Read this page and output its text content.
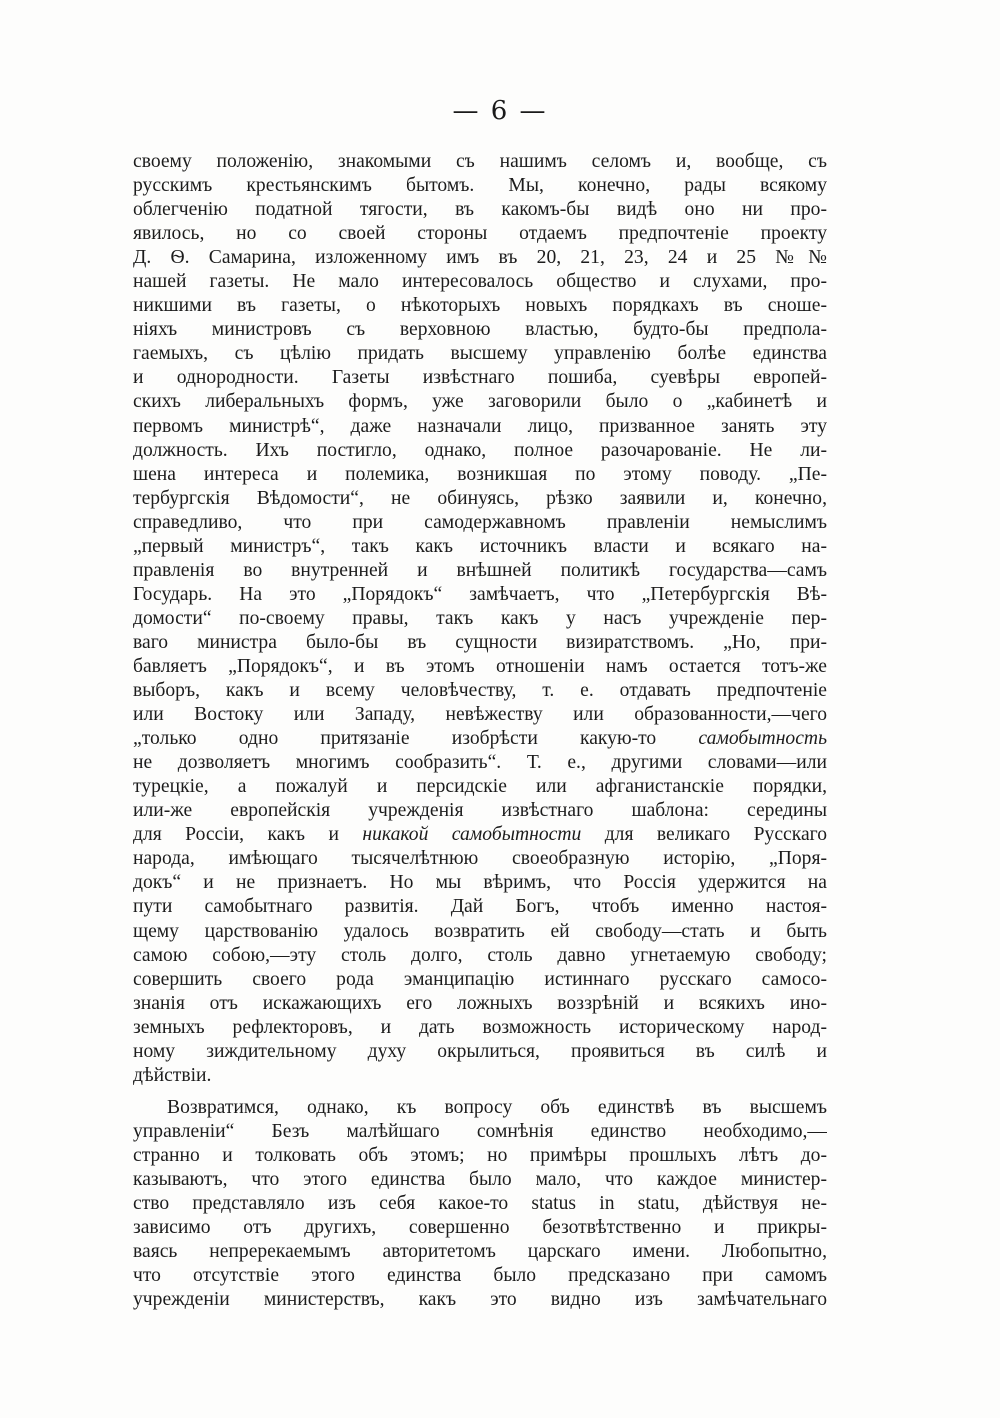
— 6 —
своему положенію, знакомыми съ нашимъ селомъ и, вообще, съ
русскимъ крестьянскимъ бытомъ. Мы, конечно, рады всякому
облегченію податной тягости, въ какомъ-бы видѣ оно ни про-
явилось, но со своей стороны отдаемъ предпочтеніе проекту
Д. Ѳ. Самарина, изложенному имъ въ 20, 21, 23, 24 и 25 №№
нашей газеты. Не мало интересовалось общество и слухами, про-
никшими въ газеты, о нѣкоторыхъ новыхъ порядкахъ въ сноше-
ніяхъ министровъ съ верховною властью, будто-бы предпола-
гаемыхъ, съ цѣлію придать высшему управленію болѣе единства
и однородности. Газеты извѣстнаго пошиба, суевѣры европей-
скихъ либеральныхъ формъ, уже заговорили было о „кабинетѣ и
первомъ министрѣ“, даже назначали лицо, призванное занять эту
должность. Ихъ постигло, однако, полное разочарованіе. Не ли-
шена интереса и полемика, возникшая по этому поводу. „Пе-
тербургскія Вѣдомости“, не обинуясь, рѣзко заявили и, конечно,
справедливо, что при самодержавномъ правленіи немыслимъ
„первый министръ“, такъ какъ источникъ власти и всякаго на-
правленія во внутренней и внѣшней политикѣ государства—самъ
Государь. На это „Порядокъ“ замѣчаетъ, что „Петербургскія Вѣ-
домости“ по-своему правы, такъ какъ у насъ учрежденіе пер-
ваго министра было-бы въ сущности визиратствомъ. „Но, при-
бавляетъ „Порядокъ“, и въ этомъ отношеніи намъ остается тотъ-же
выборъ, какъ и всему человѣчеству, т. е. отдавать предпочтеніе
или Востоку или Западу, невѣжеству или образованности,—чего
„только одно притязаніе изобрѣсти какую-то самобытность
не дозволяетъ многимъ сообразить“. Т. е., другими словами—или
турецкіе, а пожалуй и персидскіе или афганистанскіе порядки,
или-же европейскія учрежденія извѣстнаго шаблона: середины
для Россіи, какъ и никакой самобытности для великаго Русскаго
народа, имѣющаго тысячелѣтнюю своеобразную исторію, „Поря-
докъ“ и не признаетъ. Но мы вѣримъ, что Россія удержится на
пути самобытнаго развитія. Дай Богъ, чтобъ именно настоя-
щему царствованію удалось возвратить ей свободу—стать и быть
самою собою,—эту столь долго, столь давно угнетаемую свободу;
совершить своего рода эманципацію истиннаго русскаго самосо-
знанія отъ искажающихъ его ложныхъ воззрѣній и всякихъ ино-
земныхъ рефлекторовъ, и дать возможность историческому народ-
ному зиждительному духу окрылиться, проявиться въ силѣ и
дѣйствіи.
Возвратимся, однако, къ вопросу объ единствѣ въ высшемъ
управленіи“ Безъ малѣйшаго сомнѣнія единство необходимо,—
странно и толковать объ этомъ; но примѣры прошлыхъ лѣтъ до-
казываютъ, что этого единства было мало, что каждое министер-
ство представляло изъ себя какое-то status in statu, дѣйствуя не-
зависимо отъ другихъ, совершенно безотвѣтственно и прикры-
ваясь непререкаемымъ авторитетомъ царскаго имени. Любопытно,
что отсутствіе этого единства было предсказано при самомъ
учрежденіи министерствъ, какъ это видно изъ замѣчательнаго
